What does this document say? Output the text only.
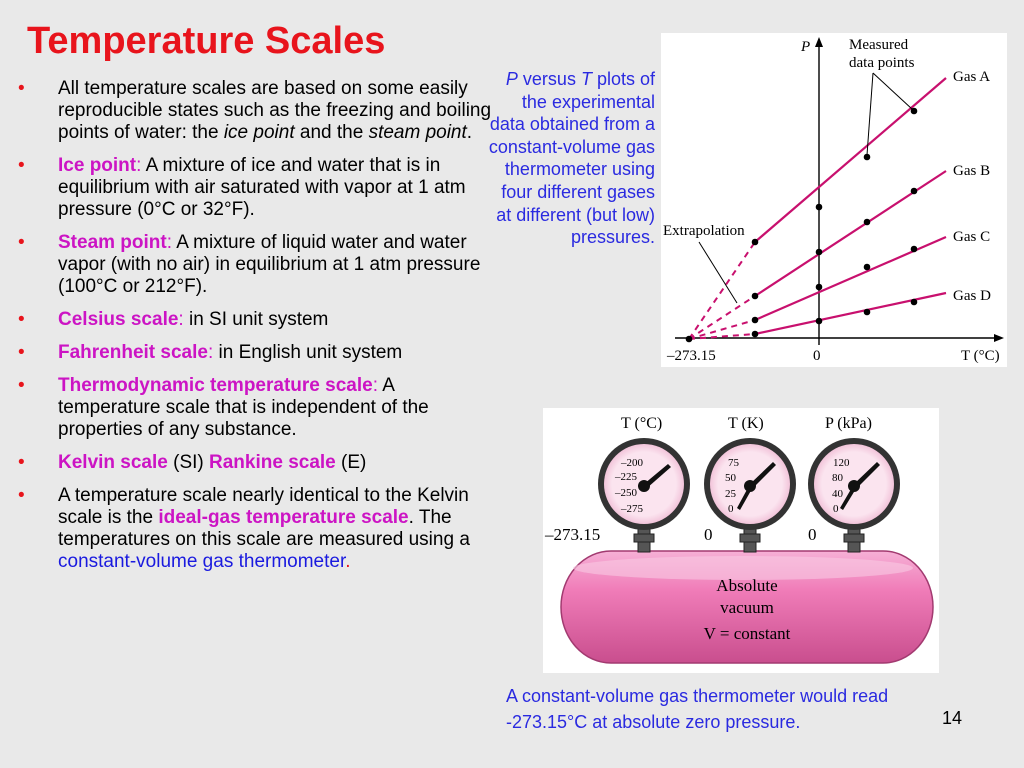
Temperature Scales
• All temperature scales are based on some easily reproducible states such as the freezing and boiling points of water: the ice point and the steam point.
• Ice point: A mixture of ice and water that is in equilibrium with air saturated with vapor at 1 atm pressure (0°C or 32°F).
• Steam point: A mixture of liquid water and water vapor (with no air) in equilibrium at 1 atm pressure (100°C or 212°F).
• Celsius scale: in SI unit system
• Fahrenheit scale: in English unit system
• Thermodynamic temperature scale: A temperature scale that is independent of the properties of any substance.
• Kelvin scale (SI) Rankine scale (E)
• A temperature scale nearly identical to the Kelvin scale is the ideal-gas temperature scale. The temperatures on this scale are measured using a constant-volume gas thermometer.
P versus T plots of the experimental data obtained from a constant-volume gas thermometer using four different gases at different (but low) pressures.
P
T (°C)
–273.15	0
Gas A
Gas B
Gas C
Gas D
Measured
data points
Extrapolation
T (°C)	T (K)	P (kPa)
Absolute
vacuum
V = constant
–200
–225
–250
–275
75
50
25
0
120
80
40
0
–273.15	0	0
A constant-volume gas thermometer would read -273.15°C at absolute zero pressure.	14
